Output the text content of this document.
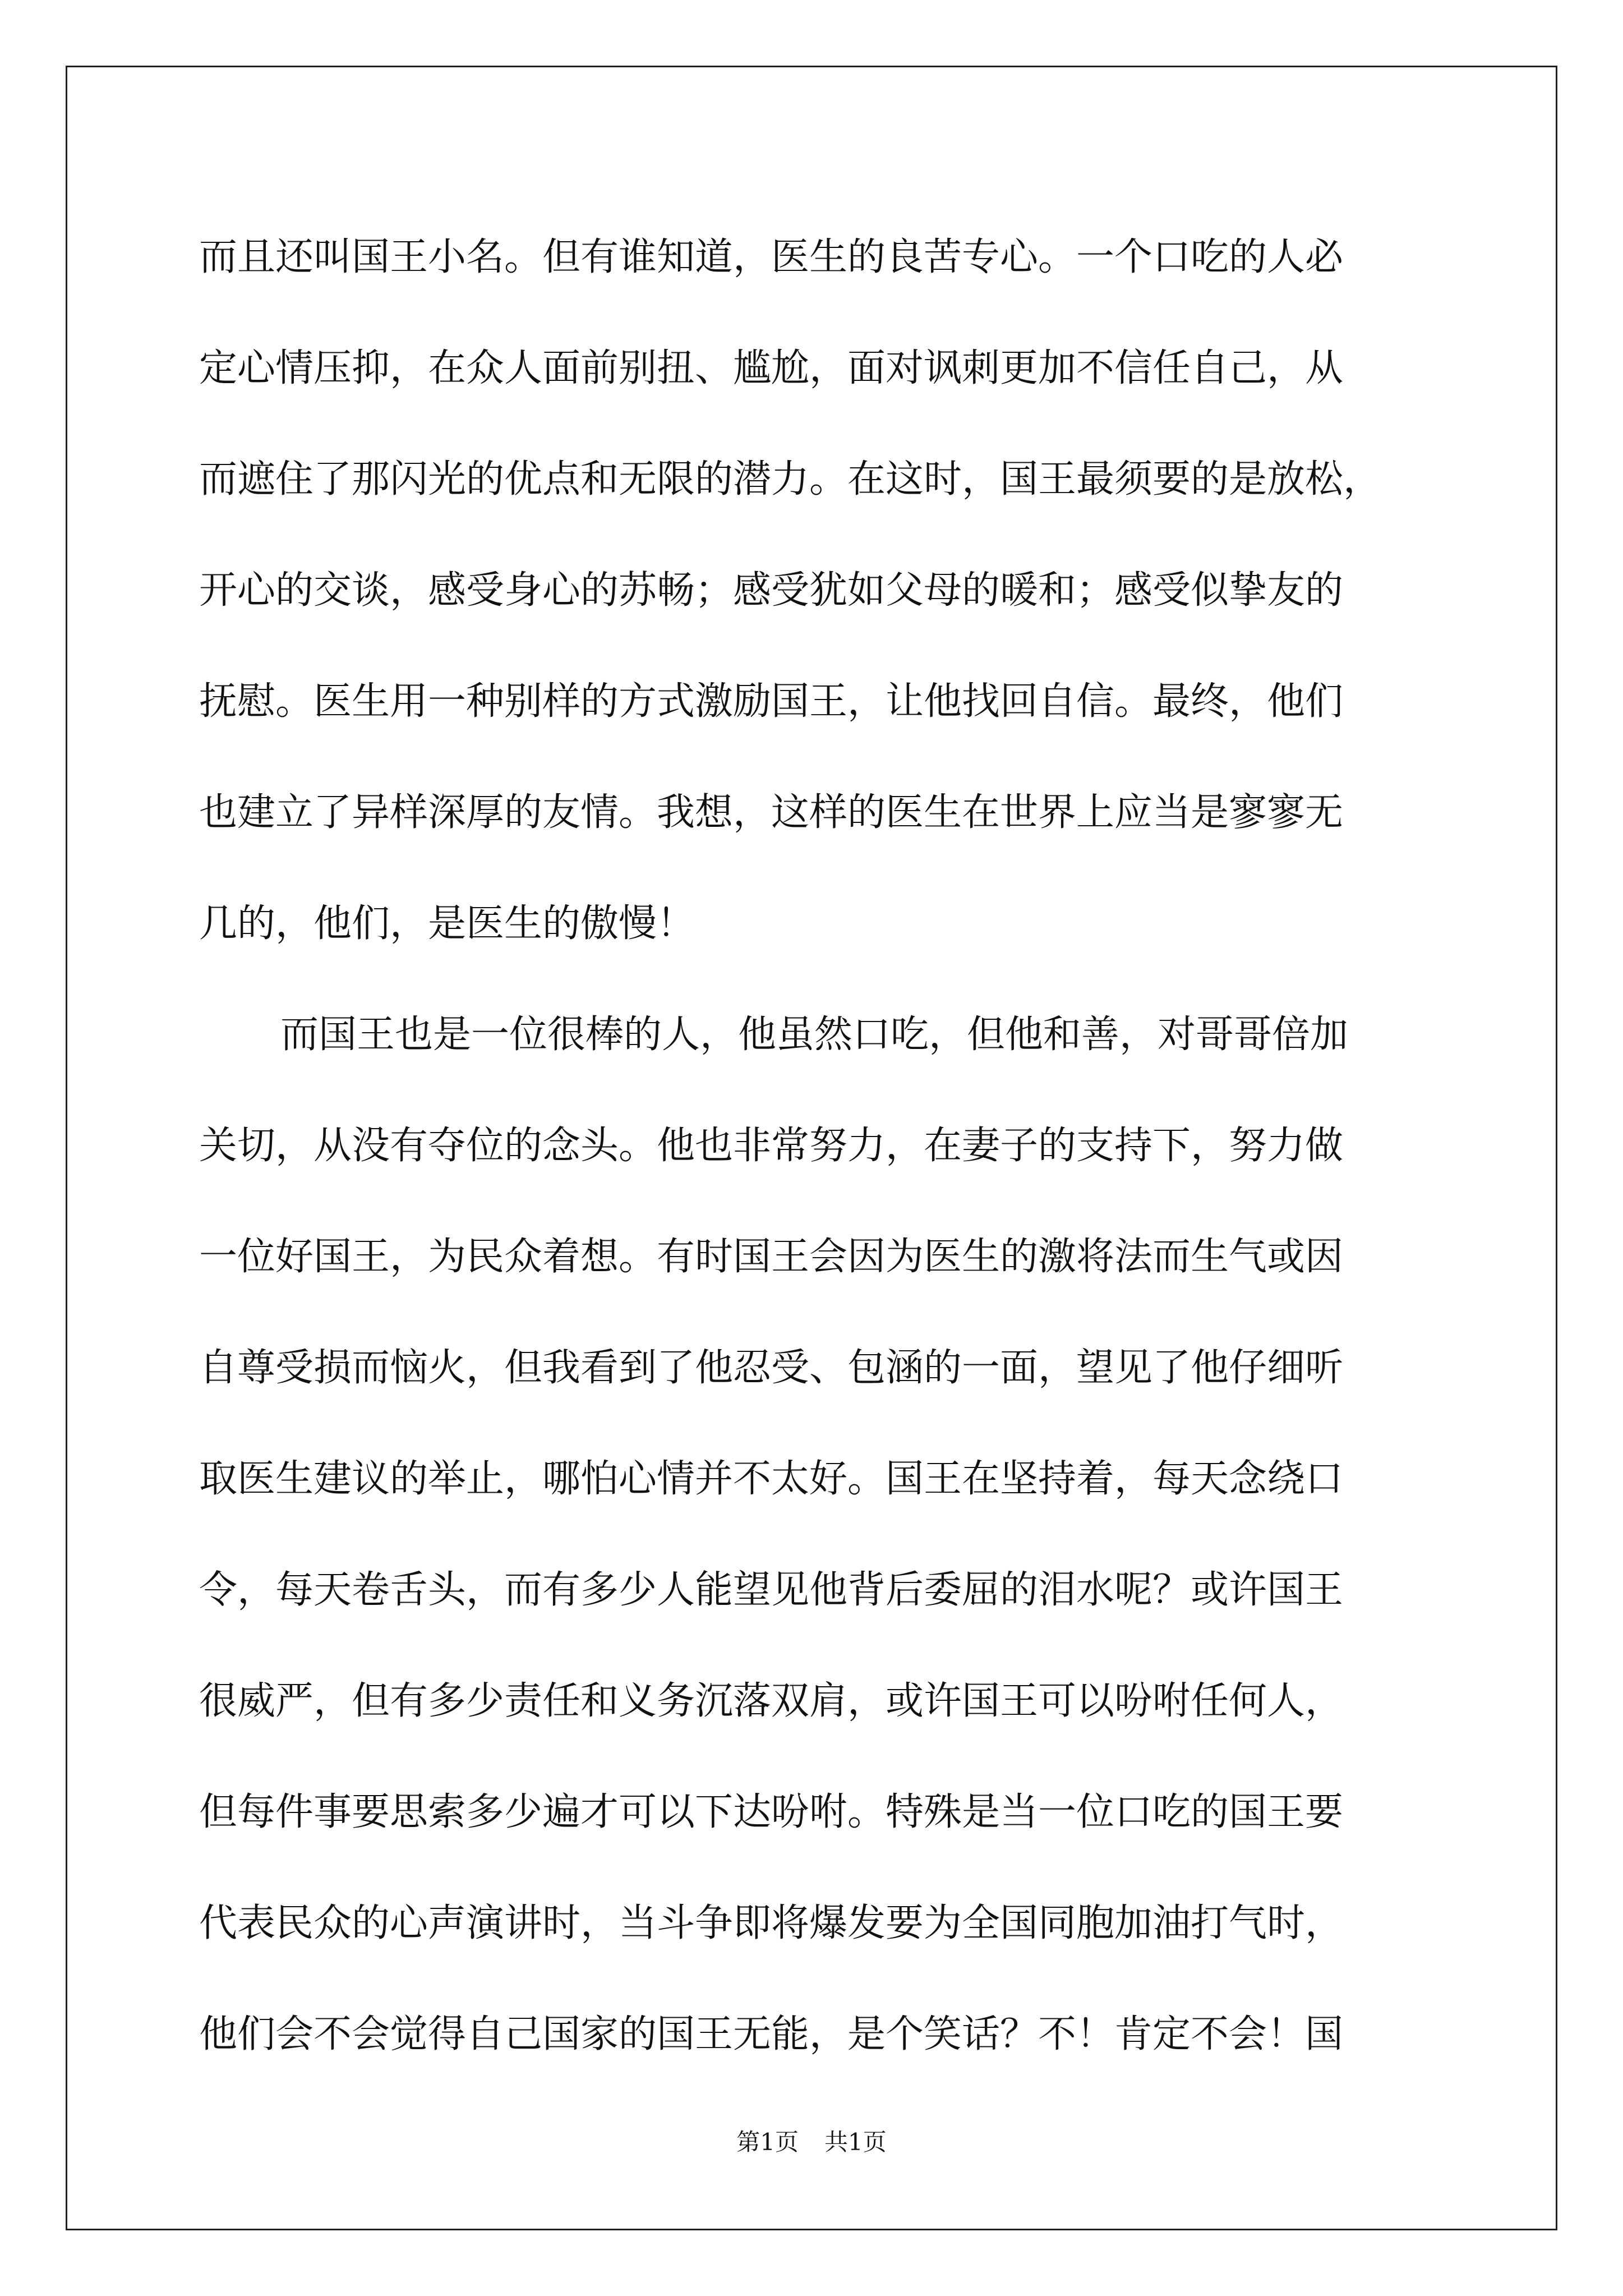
而且还叫国王小名。但有谁知道，医生的良苦专心。一个口吃的人必
定心情压抑，在众人面前别扭、尴尬，面对讽刺更加不信任自己，从
而遮住了那闪光的优点和无限的潜力。在这时，国王最须要的是放松，
开心的交谈，感受身心的苏畅；感受犹如父母的暖和；感受似挚友的
抚慰。医生用一种别样的方式激励国王，让他找回自信。最终，他们
也建立了异样深厚的友情。我想，这样的医生在世界上应当是寥寥无
几的，他们，是医生的傲慢！
而国王也是一位很棒的人，他虽然口吃，但他和善，对哥哥倍加
关切，从没有夺位的念头。他也非常努力，在妻子的支持下，努力做
一位好国王，为民众着想。有时国王会因为医生的激将法而生气或因
自尊受损而恼火，但我看到了他忍受、包涵的一面，望见了他仔细听
取医生建议的举止，哪怕心情并不太好。国王在坚持着，每天念绕口
令，每天卷舌头，而有多少人能望见他背后委屈的泪水呢？或许国王
很威严，但有多少责任和义务沉落双肩，或许国王可以吩咐任何人，
但每件事要思索多少遍才可以下达吩咐。特殊是当一位口吃的国王要
代表民众的心声演讲时，当斗争即将爆发要为全国同胞加油打气时，
他们会不会觉得自己国家的国王无能，是个笑话？不！肯定不会！国
第1页 共1页
